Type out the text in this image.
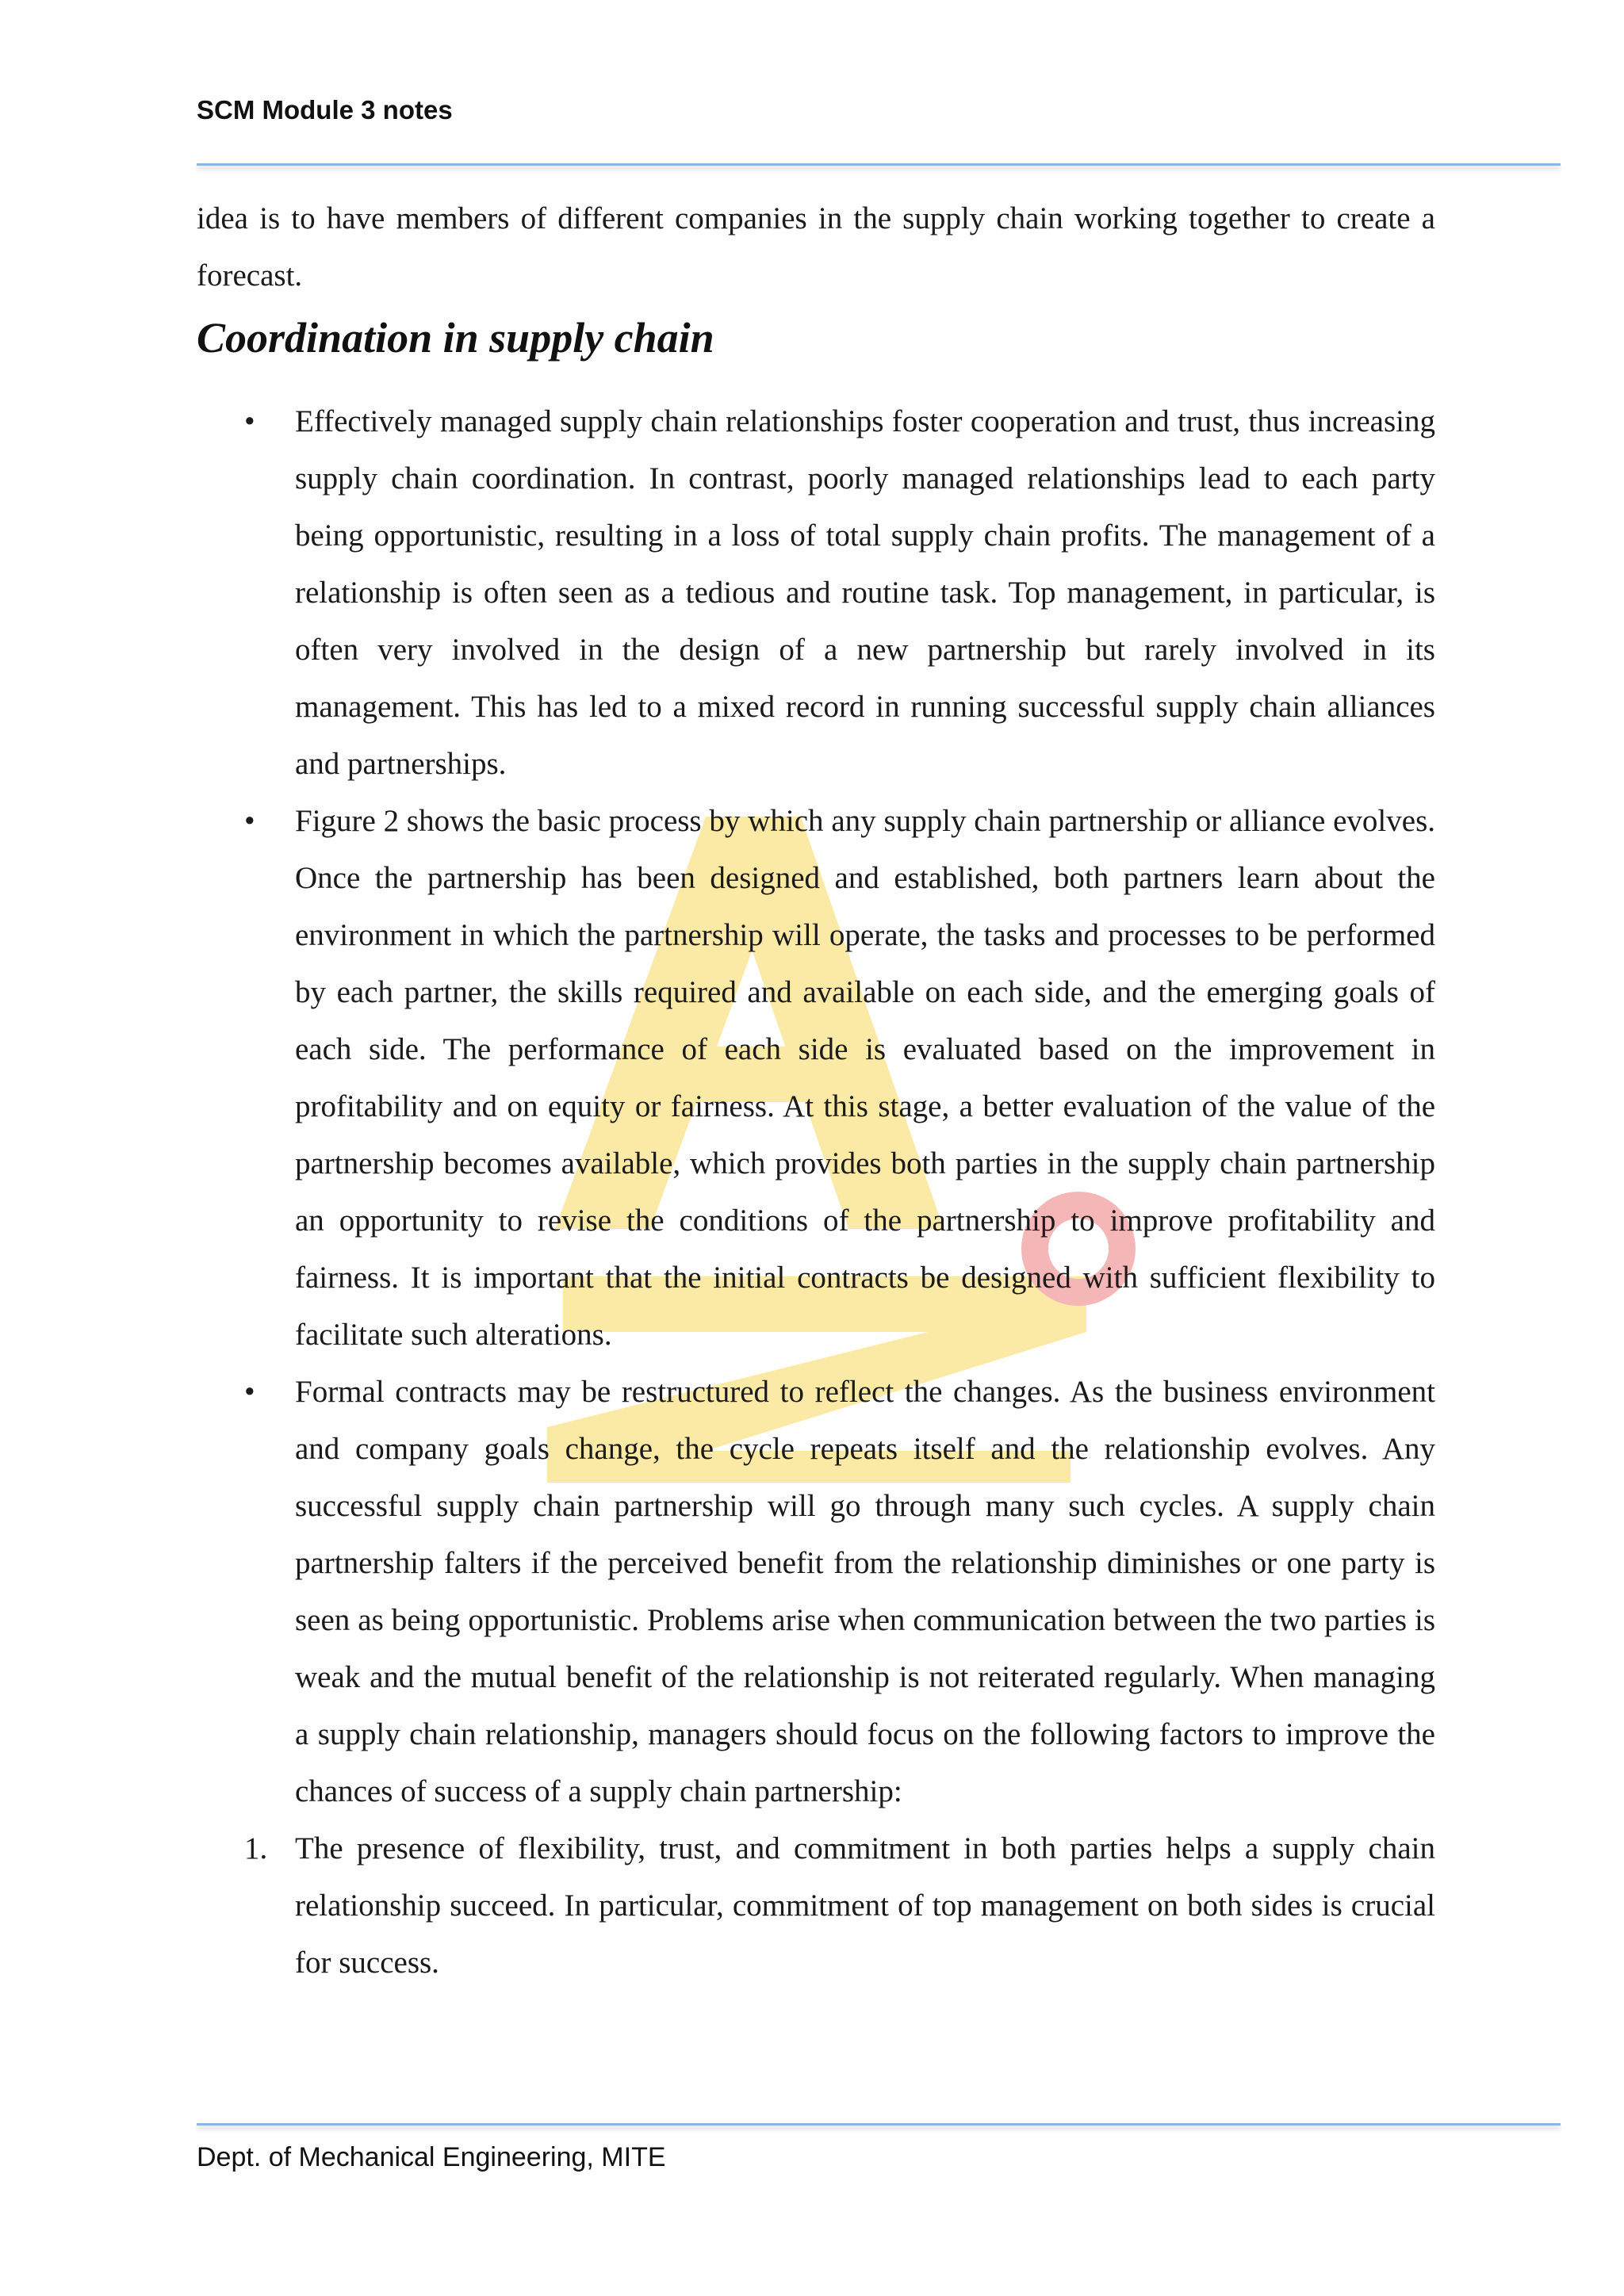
SCM Module 3 notes

idea is to have members of different companies in the supply chain working together to create a forecast.

Coordination in supply chain
• Effectively managed supply chain relationships foster cooperation and trust, thus increasing supply chain coordination. In contrast, poorly managed relationships lead to each party being opportunistic, resulting in a loss of total supply chain profits. The management of a relationship is often seen as a tedious and routine task. Top management, in particular, is often very involved in the design of a new partnership but rarely involved in its management. This has led to a mixed record in running successful supply chain alliances and partnerships.
• Figure 2 shows the basic process by which any supply chain partnership or alliance evolves. Once the partnership has been designed and established, both partners learn about the environment in which the partnership will operate, the tasks and processes to be performed by each partner, the skills required and available on each side, and the emerging goals of each side. The performance of each side is evaluated based on the improvement in profitability and on equity or fairness. At this stage, a better evaluation of the value of the partnership becomes available, which provides both parties in the supply chain partnership an opportunity to revise the conditions of the partnership to improve profitability and fairness. It is important that the initial contracts be designed with sufficient flexibility to facilitate such alterations.
• Formal contracts may be restructured to reflect the changes. As the business environment and company goals change, the cycle repeats itself and the relationship evolves. Any successful supply chain partnership will go through many such cycles. A supply chain partnership falters if the perceived benefit from the relationship diminishes or one party is seen as being opportunistic. Problems arise when communication between the two parties is weak and the mutual benefit of the relationship is not reiterated regularly. When managing a supply chain relationship, managers should focus on the following factors to improve the chances of success of a supply chain partnership:
1. The presence of flexibility, trust, and commitment in both parties helps a supply chain relationship succeed. In particular, commitment of top management on both sides is crucial for success.
Dept. of Mechanical Engineering, MITE
